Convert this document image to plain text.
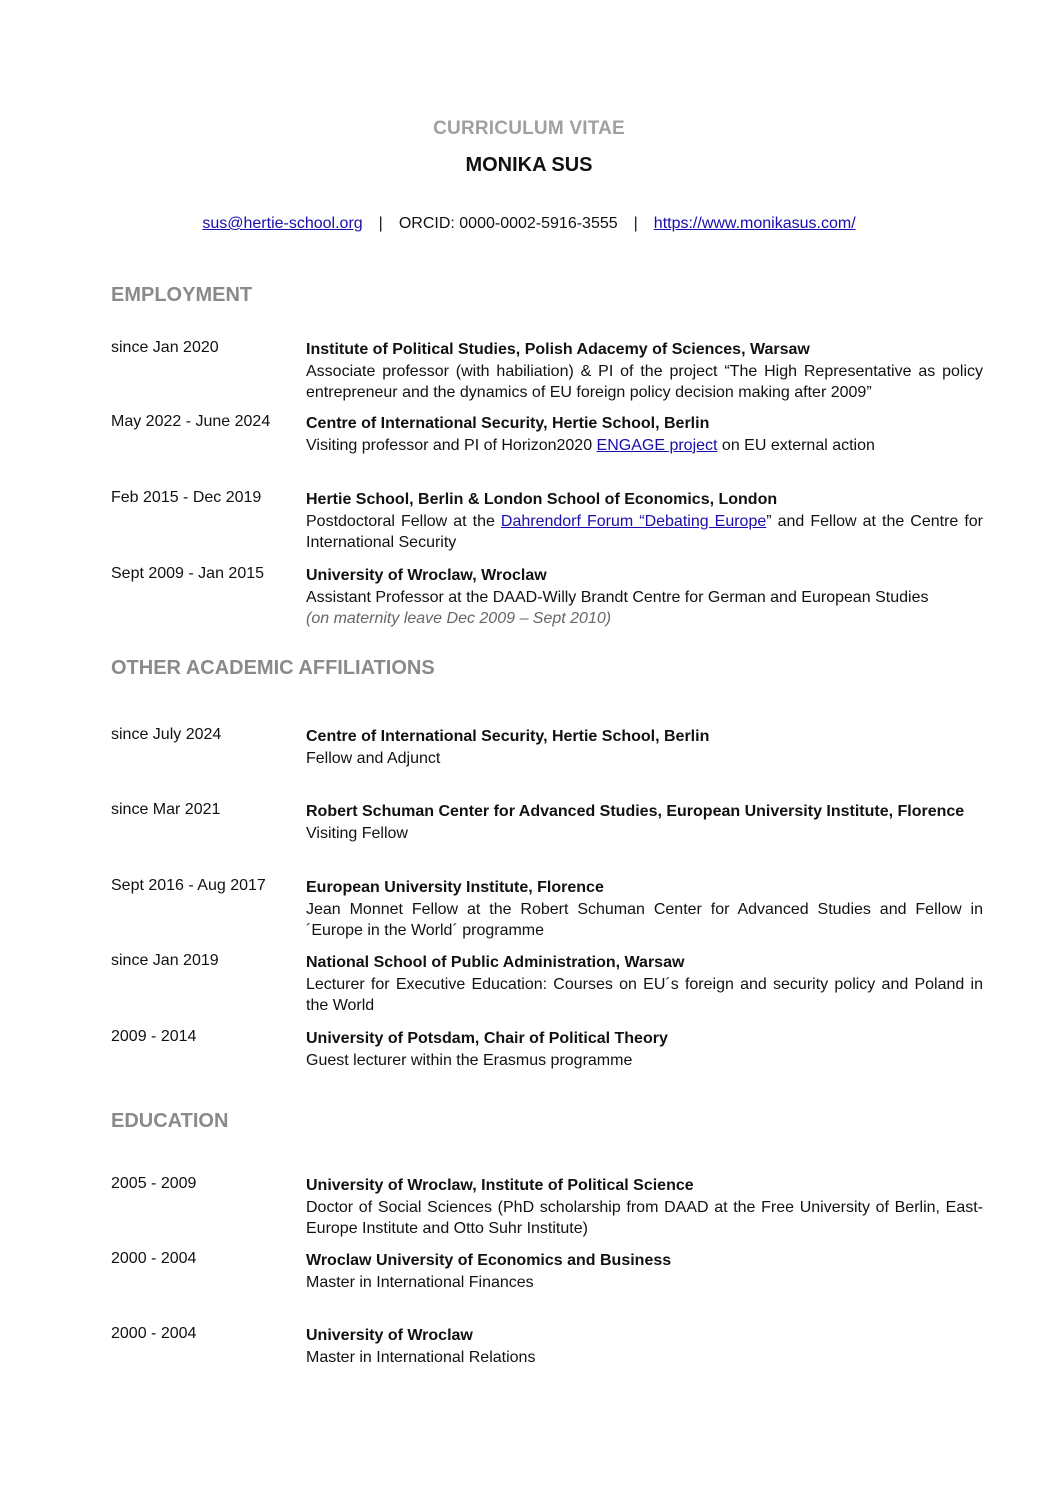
CURRICULUM VITAE
MONIKA SUS
sus@hertie-school.org | ORCID: 0000-0002-5916-3555 | https://www.monikasus.com/
EMPLOYMENT
since Jan 2020	Institute of Political Studies, Polish Adacemy of Sciences, Warsaw
Associate professor (with habiliation) & PI of the project “The High Representative as policy entrepreneur and the dynamics of EU foreign policy decision making after 2009”
May 2022 - June 2024 Centre of International Security, Hertie School, Berlin
Visiting professor and PI of Horizon2020 ENGAGE project on EU external action
Feb 2015 - Dec 2019	Hertie School, Berlin & London School of Economics, London
Postdoctoral Fellow at the Dahrendorf Forum “Debating Europe” and Fellow at the Centre for International Security
Sept 2009 - Jan 2015	University of Wroclaw, Wroclaw
Assistant Professor at the DAAD-Willy Brandt Centre for German and European Studies
(on maternity leave Dec 2009 – Sept 2010)
OTHER ACADEMIC AFFILIATIONS
since July 2024	Centre of International Security, Hertie School, Berlin
Fellow and Adjunct
since Mar 2021	Robert Schuman Center for Advanced Studies, European University Institute, Florence
Visiting Fellow
Sept 2016 - Aug 2017	European University Institute, Florence
Jean Monnet Fellow at the Robert Schuman Center for Advanced Studies and Fellow in ´Europe in the World´ programme
since Jan 2019	National School of Public Administration, Warsaw
Lecturer for Executive Education: Courses on EU´s foreign and security policy and Poland in the World
2009 - 2014	University of Potsdam, Chair of Political Theory
Guest lecturer within the Erasmus programme
EDUCATION
2005 - 2009	University of Wroclaw, Institute of Political Science
Doctor of Social Sciences (PhD scholarship from DAAD at the Free University of Berlin, East-Europe Institute and Otto Suhr Institute)
2000 - 2004	Wroclaw University of Economics and Business
Master in International Finances
2000 - 2004	University of Wroclaw
Master in International Relations
